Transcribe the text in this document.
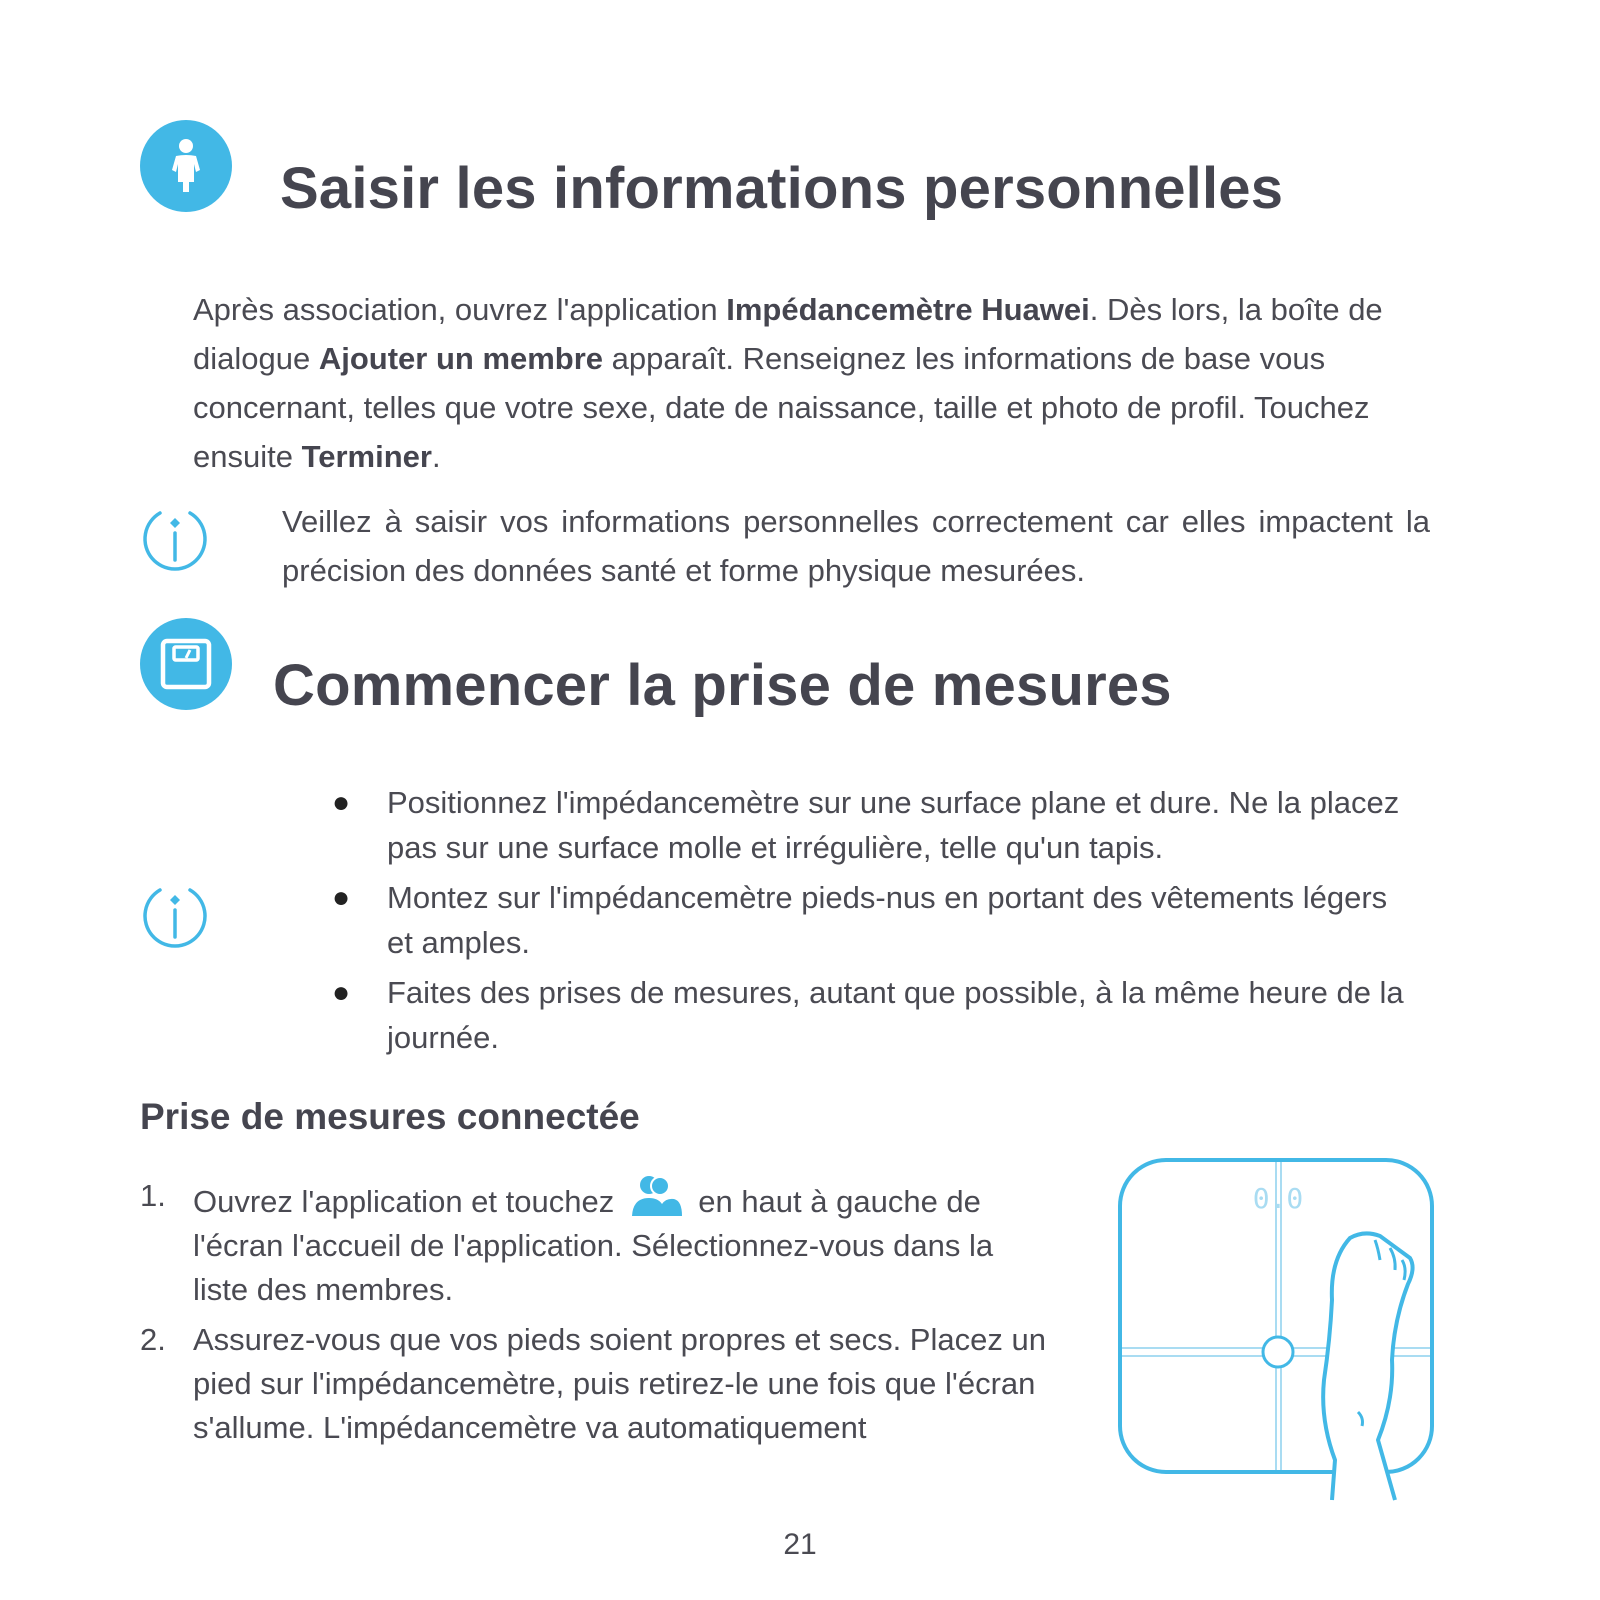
Saisir les informations personnelles

Après association, ouvrez l'application Impédancemètre Huawei. Dès lors, la boîte de dialogue Ajouter un membre apparaît. Renseignez les informations de base vous concernant, telles que votre sexe, date de naissance, taille et photo de profil. Touchez ensuite Terminer.

Veillez à saisir vos informations personnelles correctement car elles impactent la précision des données santé et forme physique mesurées.

Commencer la prise de mesures
● Positionnez l'impédancemètre sur une surface plane et dure. Ne la placez pas sur une surface molle et irrégulière, telle qu'un tapis.
● Montez sur l'impédancemètre pieds-nus en portant des vêtements légers et amples.
● Faites des prises de mesures, autant que possible, à la même heure de la journée.
Prise de mesures connectée
1. Ouvrez l'application et touchez	en haut à gauche de l'écran l'accueil de l'application. Sélectionnez-vous dans la liste des membres.
2. Assurez-vous que vos pieds soient propres et secs. Placez un pied sur l'impédancemètre, puis retirez-le une fois que l'écran s'allume. L'impédancemètre va automatiquement
0.0
21
